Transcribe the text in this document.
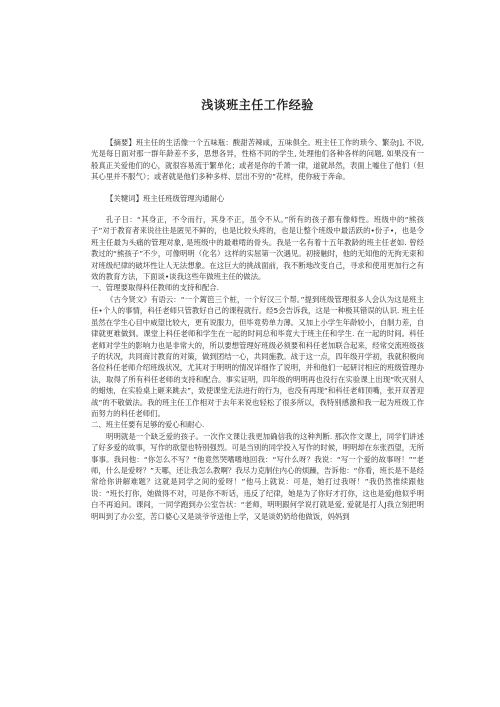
浅谈班主任工作经验

【摘要】班主任的生活像一个五味瓶：酸甜苦辣咸，五味俱全。班主任工作的琐今、繁杂J], 不说, 光是每日面对那一群年龄差不多，思想各异，性格不同的学生, 处理他们各种各样的问题, 如果没有一般真正关爱他们的心，就很容易流于繁单化；或者是你的千萧一律，道就昂然，表面上嘘住了他们（但其心里并不服气）；或者就是他们多种多样、层出不穷的”花样，使你疲于奔命。

【关犍词】班主任班级管理沟通耐心

孔子日：“其身正，不令而行，其身不正，虽令不从。”所有的孩子都有像师性。班级中的“熊孩子”对于教育者来说往往是匿见不鲜的，也是比较头疼的，也是让整个班级中最活跃的•份子•，也是令班主任最为头痛的管理对象, 是班级中的最难啃的骨头。我是一名有着十五年教龄的班主任老如. 曾经教过的“熊孩子”不少，可像明明（化名）这样的实屈第一次遇见。初接触时，他的无知他的无拘无束和对班级纪律的破坏性让人无法想象。在这巨大的挑战面前，我不断地改变自己，寻求和使用更加行之有效的教育方法，下面谈•谈我这些年做班主任的做法。

一、管理要取得科任教师的支持和配合.

《古今贤文》有语云：“一个篱笆三个桩，一个好汉三个帮。”提到班级管理很多人会认为这是班主任•个人的事情，科任老师只管教好自己的课程就行。经5会告诉我，这是一种极其错误的认识. 班主任虽然在学生心目中威望比较大，更有说服力，但毕竟势单力薄。又加上小学生年龄较小，自制力差，自律就更难做到。课堂上科任老师和学生在一起的时间总和毕竟大于班主任和学生. 在一起的时间。科任老师对学生的影响力也是非常大的，所以要想管理好班级必须要和科任老加联合起来，经常交流班级孩子的状况，共同商讨教育的对策，做到团结一心，共同施教。战于这一点，四年级开学初，我就积极向各位科任老师介绍班级状况，尤其对于明明的情况详细作了说明，并和他们一起研讨相应的班级管理办法，取得了所有科任老师的支持和配合。事实证明，四年级的明明再也没行在实验课上出现“吹灭别人的蜡烛，在实验桌上砸来跳去”，致使课堂无法进行的行为，也没有再现“和科任老师顶嘴，张开双普迎战”的不敬做法。我的班主任工作相对于去年来说也轻松了很多所以，我特别感激和我一起为班级工作而努力的科任老师们。

二、班主任要有足够的爱心和耐心.

明明就是一个缺乏爱的孩子。一次作文课让我更加确信我的这种判断. 那次作文课上，同学们讲述了好多爱的故事，写作的欲望也特别强烈。可是当别的同学投入写作的时候，明明却在东张西望，无所事事。我问他：“你怎么不写？”他竟然哭嗜嗜地回我：“写什么呀？我说：“写一个爱的故事呀！”“老师，什么是爱呀？”天哪，还让我怎么教啊？我尽力克制住内心的烦躁，告诉他：“你看，班长是不是经常给你讲解难题？这就是同学之间的爱呀！”他马上就说：可是，她打过我呀！”我仍然推续跟他说：“班长打你，她做得不对，可是你不听话，违反了纪律，她是为了你好才打你，这也是爱J他似乎明白不再追问。课间，一同学跑到办公室告状：“老师，明明跟何学说打就是爱, 爱就是打人J我立刻把明明叫到了办公室，苦口婆心又是谈爷爷送他上学，又是谈奶奶给他做饭，妈妈到
